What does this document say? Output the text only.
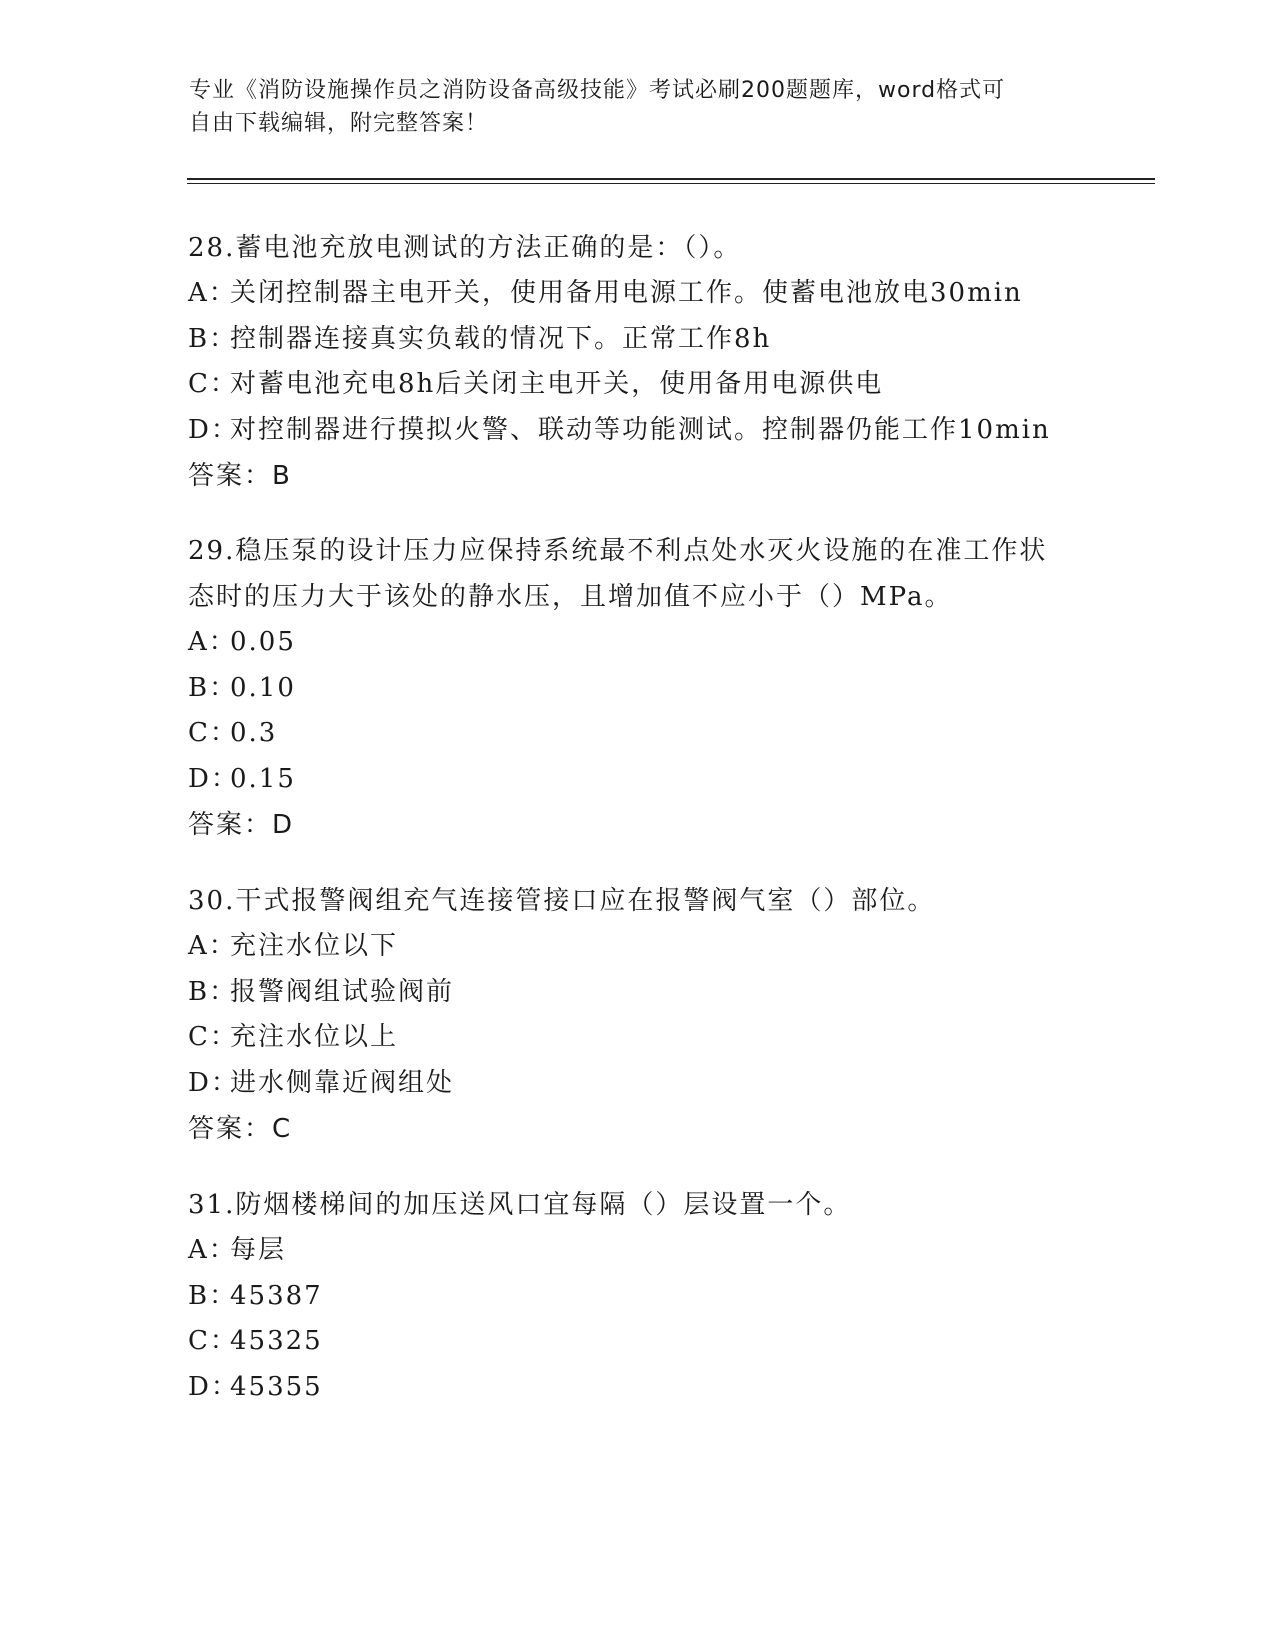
专业《消防设施操作员之消防设备高级技能》考试必刷200题题库，word格式可
自由下载编辑，附完整答案！
28.蓄电池充放电测试的方法正确的是：（）。
A：关闭控制器主电开关，使用备用电源工作。使蓄电池放电30min
B：控制器连接真实负载的情况下。正常工作8h
C：对蓄电池充电8h后关闭主电开关，使用备用电源供电
D：对控制器进行摸拟火警、联动等功能测试。控制器仍能工作10min
答案：B
29.稳压泵的设计压力应保持系统最不利点处水灭火设施的在准工作状
态时的压力大于该处的静水压，且增加值不应小于（）MPa。
A：0.05
B：0.10
C：0.3
D：0.15
答案：D
30.干式报警阀组充气连接管接口应在报警阀气室（）部位。
A：充注水位以下
B：报警阀组试验阀前
C：充注水位以上
D：进水侧靠近阀组处
答案：C
31.防烟楼梯间的加压送风口宜每隔（）层设置一个。
A：每层
B：45387
C：45325
D：45355
